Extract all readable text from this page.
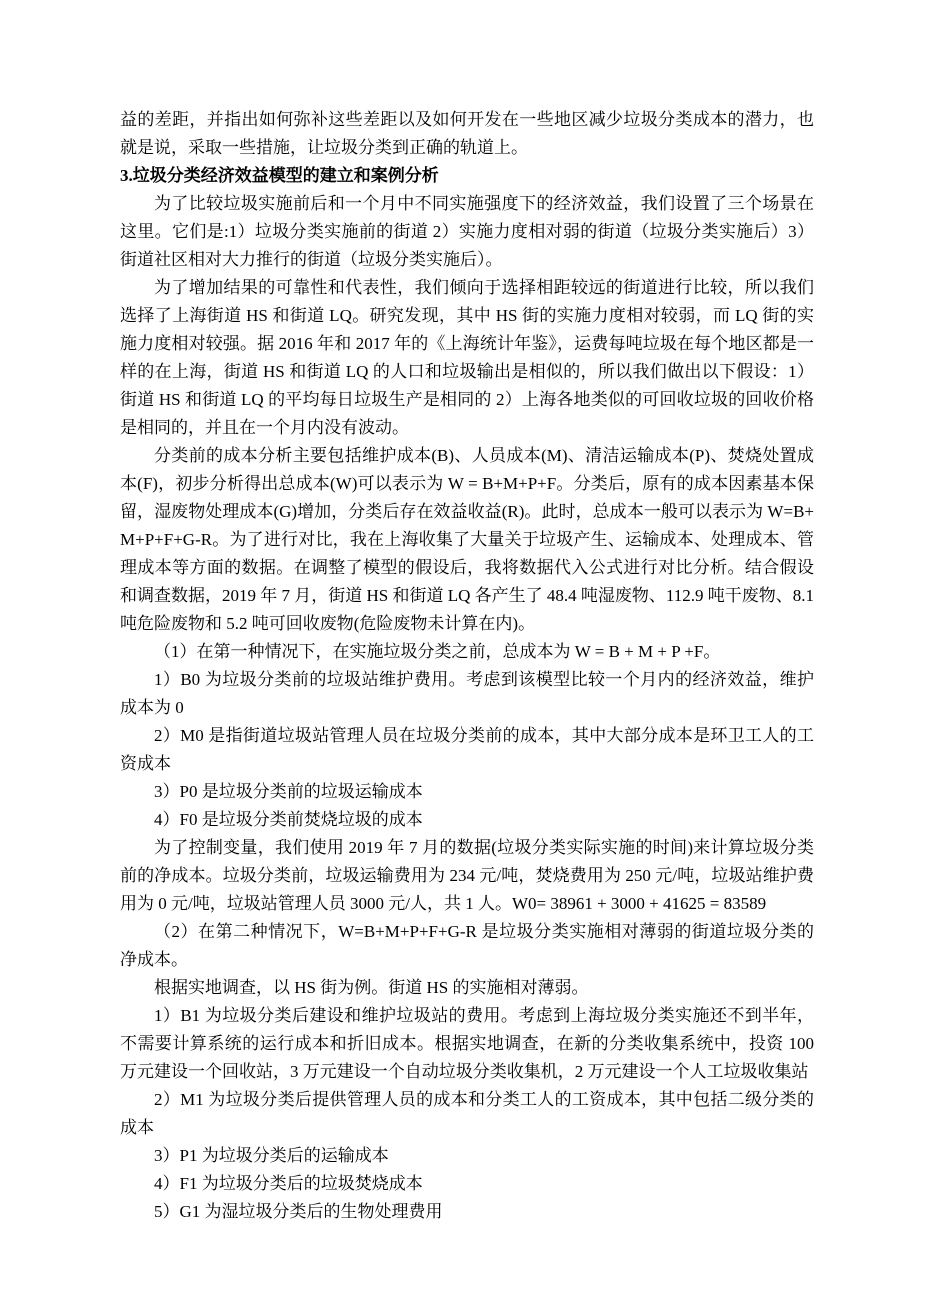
益的差距，并指出如何弥补这些差距以及如何开发在一些地区减少垃圾分类成本的潜力，也就是说，采取一些措施，让垃圾分类到正确的轨道上。

3.垃圾分类经济效益模型的建立和案例分析

为了比较垃圾实施前后和一个月中不同实施强度下的经济效益，我们设置了三个场景在这里。它们是:1）垃圾分类实施前的街道 2）实施力度相对弱的街道（垃圾分类实施后）3）街道社区相对大力推行的街道（垃圾分类实施后）。

为了增加结果的可靠性和代表性，我们倾向于选择相距较远的街道进行比较，所以我们选择了上海街道 HS 和街道 LQ。研究发现，其中 HS 街的实施力度相对较弱，而 LQ 街的实施力度相对较强。据 2016 年和 2017 年的《上海统计年鉴》，运费每吨垃圾在每个地区都是一样的在上海，街道 HS 和街道 LQ 的人口和垃圾输出是相似的，所以我们做出以下假设：1）街道 HS 和街道 LQ 的平均每日垃圾生产是相同的 2）上海各地类似的可回收垃圾的回收价格是相同的，并且在一个月内没有波动。

分类前的成本分析主要包括维护成本(B)、人员成本(M)、清洁运输成本(P)、焚烧处置成本(F)，初步分析得出总成本(W)可以表示为 W = B+M+P+F。分类后，原有的成本因素基本保留，湿废物处理成本(G)增加，分类后存在效益收益(R)。此时，总成本一般可以表示为 W=B+M+P+F+G-R。为了进行对比，我在上海收集了大量关于垃圾产生、运输成本、处理成本、管理成本等方面的数据。在调整了模型的假设后，我将数据代入公式进行对比分析。结合假设和调查数据，2019 年 7 月，街道 HS 和街道 LQ 各产生了 48.4 吨湿废物、112.9 吨干废物、8.1 吨危险废物和 5.2 吨可回收废物(危险废物未计算在内)。

（1）在第一种情况下，在实施垃圾分类之前，总成本为 W = B + M + P +F。

1）B0 为垃圾分类前的垃圾站维护费用。考虑到该模型比较一个月内的经济效益，维护成本为 0

2）M0 是指街道垃圾站管理人员在垃圾分类前的成本，其中大部分成本是环卫工人的工资成本

3）P0 是垃圾分类前的垃圾运输成本

4）F0 是垃圾分类前焚烧垃圾的成本

为了控制变量，我们使用 2019 年 7 月的数据(垃圾分类实际实施的时间)来计算垃圾分类前的净成本。垃圾分类前，垃圾运输费用为 234 元/吨，焚烧费用为 250 元/吨，垃圾站维护费用为 0 元/吨，垃圾站管理人员 3000 元/人，共 1 人。W0= 38961 + 3000 + 41625 = 83589

（2）在第二种情况下，W=B+M+P+F+G-R 是垃圾分类实施相对薄弱的街道垃圾分类的净成本。

根据实地调查，以 HS 街为例。街道 HS 的实施相对薄弱。

1）B1 为垃圾分类后建设和维护垃圾站的费用。考虑到上海垃圾分类实施还不到半年，不需要计算系统的运行成本和折旧成本。根据实地调查，在新的分类收集系统中，投资 100 万元建设一个回收站，3 万元建设一个自动垃圾分类收集机，2 万元建设一个人工垃圾收集站

2）M1 为垃圾分类后提供管理人员的成本和分类工人的工资成本，其中包括二级分类的成本

3）P1 为垃圾分类后的运输成本

4）F1 为垃圾分类后的垃圾焚烧成本

5）G1 为湿垃圾分类后的生物处理费用
